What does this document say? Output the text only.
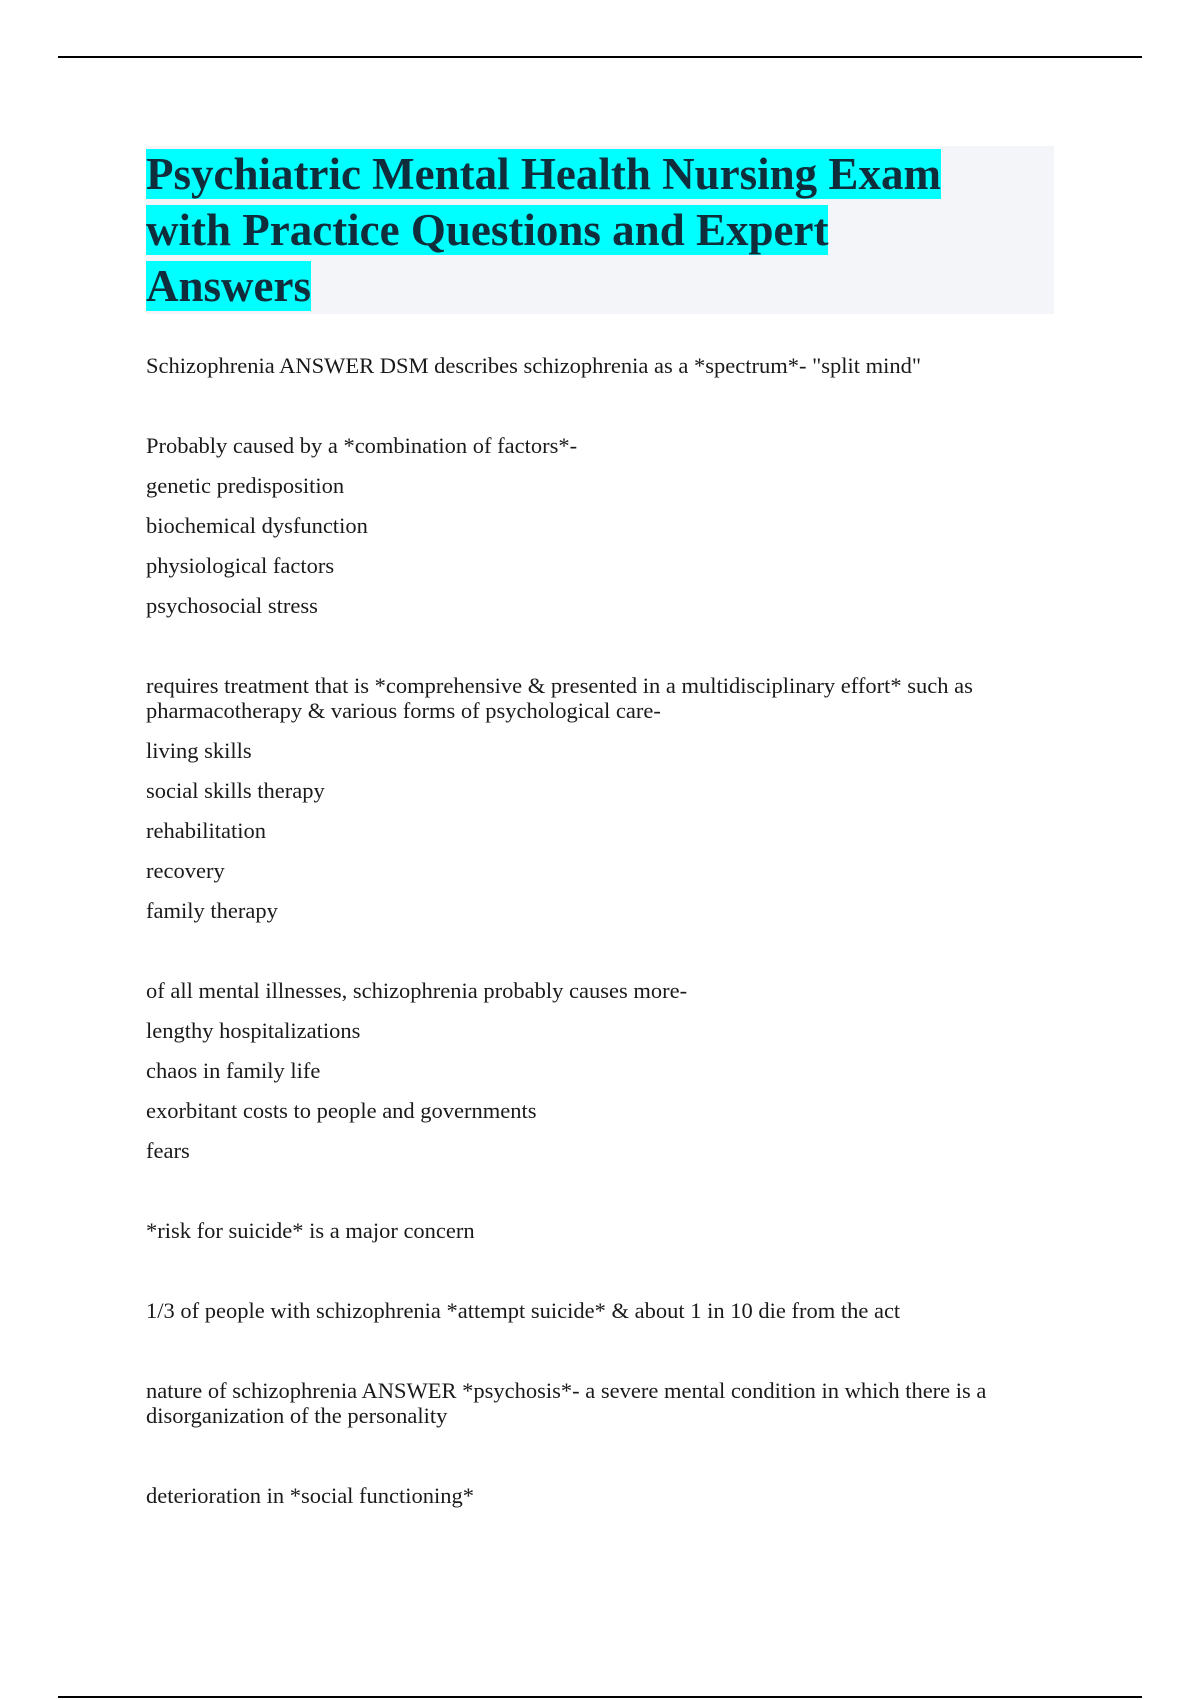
Psychiatric Mental Health Nursing Exam
with Practice Questions and Expert
Answers

Schizophrenia ANSWER DSM describes schizophrenia as a *spectrum*- "split mind"

Probably caused by a *combination of factors*-

genetic predisposition

biochemical dysfunction

physiological factors

psychosocial stress

requires treatment that is *comprehensive & presented in a multidisciplinary effort* such as pharmacotherapy & various forms of psychological care-

living skills

social skills therapy

rehabilitation

recovery

family therapy

of all mental illnesses, schizophrenia probably causes more-

lengthy hospitalizations

chaos in family life

exorbitant costs to people and governments

fears

*risk for suicide* is a major concern

1/3 of people with schizophrenia *attempt suicide* & about 1 in 10 die from the act

nature of schizophrenia ANSWER *psychosis*- a severe mental condition in which there is a disorganization of the personality

deterioration in *social functioning*
